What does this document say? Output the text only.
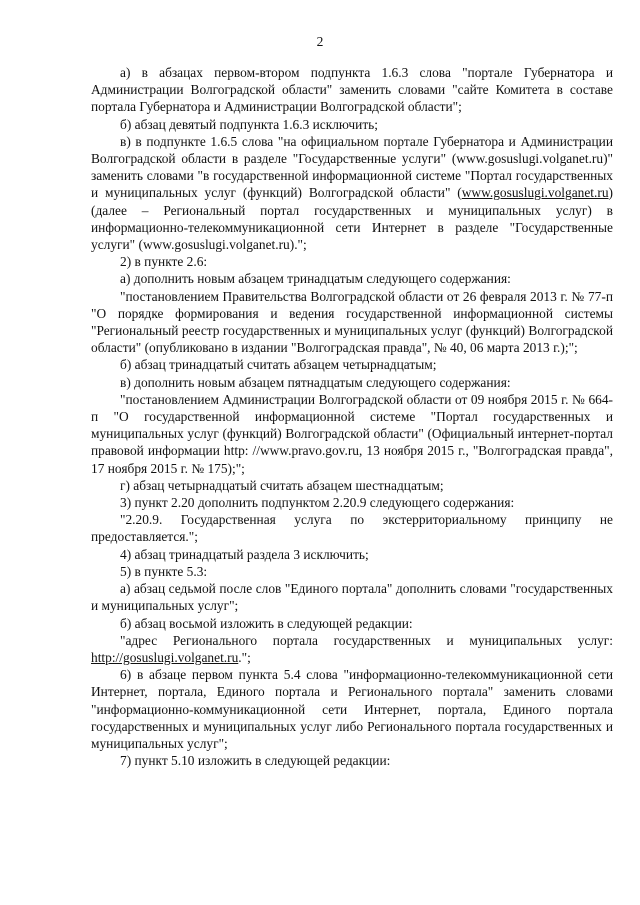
2

а) в абзацах первом-втором подпункта 1.6.3 слова "портале Губернатора и Администрации Волгоградской области" заменить словами "сайте Комитета в составе портала Губернатора и Администрации Волгоградской области";

б) абзац девятый подпункта 1.6.3 исключить;

в) в подпункте 1.6.5 слова "на официальном портале Губернатора и Администрации Волгоградской области в разделе "Государственные услуги" (www.gosuslugi.volganet.ru)" заменить словами "в государственной информационной системе "Портал государственных и муниципальных услуг (функций) Волгоградской области" (www.gosuslugi.volganet.ru) (далее – Региональный портал государственных и муниципальных услуг) в информационно-телекоммуникационной сети Интернет в разделе "Государственные услуги" (www.gosuslugi.volganet.ru).";

2) в пункте 2.6:

а) дополнить новым абзацем тринадцатым следующего содержания:

"постановлением Правительства Волгоградской области от 26 февраля 2013 г. № 77-п "О порядке формирования и ведения государственной информационной системы "Региональный реестр государственных и муниципальных услуг (функций) Волгоградской области" (опубликовано в издании "Волгоградская правда", № 40, 06 марта 2013 г.);";

б) абзац тринадцатый считать абзацем четырнадцатым;

в) дополнить новым абзацем пятнадцатым следующего содержания:

"постановлением Администрации Волгоградской области от 09 ноября 2015 г. № 664-п "О государственной информационной системе "Портал государственных и муниципальных услуг (функций) Волгоградской области" (Официальный интернет-портал правовой информации http: //www.pravo.gov.ru, 13 ноября 2015 г., "Волгоградская правда", 17 ноября 2015 г. № 175);";

г) абзац четырнадцатый считать абзацем шестнадцатым;

3) пункт 2.20 дополнить подпунктом 2.20.9 следующего содержания:

"2.20.9. Государственная услуга по экстерриториальному принципу не предоставляется.";

4) абзац тринадцатый раздела 3 исключить;

5) в пункте 5.3:

а) абзац седьмой после слов "Единого портала" дополнить словами "государственных и муниципальных услуг";

б) абзац восьмой изложить в следующей редакции:

"адрес Регионального портала государственных и муниципальных услуг: http://gosuslugi.volganet.ru.";

6) в абзаце первом пункта 5.4 слова "информационно-телекоммуникационной сети Интернет, портала, Единого портала и Регионального портала" заменить словами "информационно-коммуникационной сети Интернет, портала, Единого портала государственных и муниципальных услуг либо Регионального портала государственных и муниципальных услуг";

7) пункт 5.10 изложить в следующей редакции:
